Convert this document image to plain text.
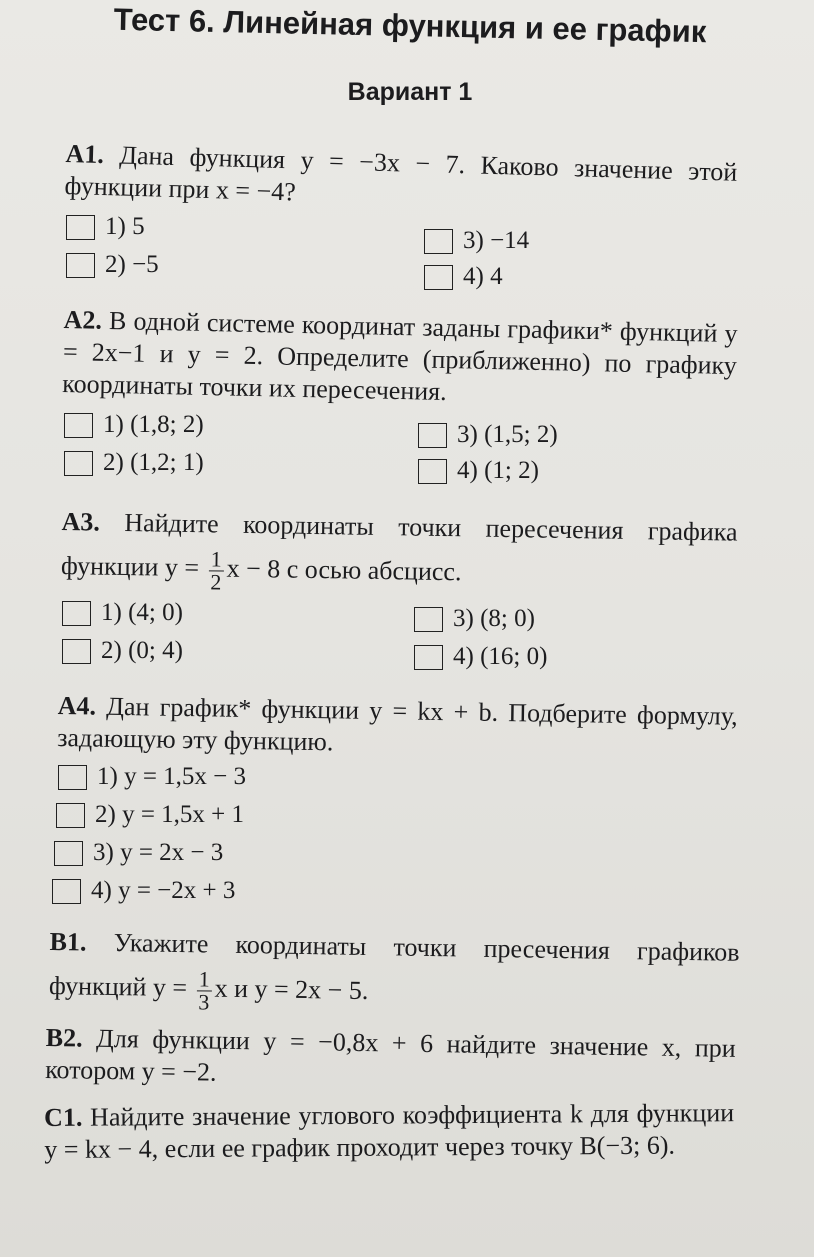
Тест 6. Линейная функция и ее график
Вариант 1
А1. Дана функция y = −3x − 7. Каково значение этой функции при x = −4?
1) 5
2) −5
3) −14
4) 4
А2. В одной системе координат заданы графики* функций y = 2x−1 и y = 2. Определите (приближенно) по графику координаты точки их пересечения.
1) (1,8; 2)
2) (1,2; 1)
3) (1,5; 2)
4) (1; 2)
А3. Найдите координаты точки пересечения графика функции $y = \frac{1}{2}$ x − 8 с осью абсцисс.
1) (4; 0)
2) (0; 4)
3) (8; 0)
4) (16; 0)
А4. Дан график* функции y = kx + b. Подберите формулу, задающую эту функцию.
1) y = 1,5x − 3
2) y = 1,5x + 1
3) y = 2x − 3
4) y = −2x + 3
В1. Укажите координаты точки пресечения графиков функций $y = \frac{1}{3}$ x и y = 2x − 5.
В2. Для функции y = −0,8x + 6 найдите значение x, при котором y = −2.
С1. Найдите значение углового коэффициента k для функции y = kx − 4, если ее график проходит через точку B(−3; 6).
